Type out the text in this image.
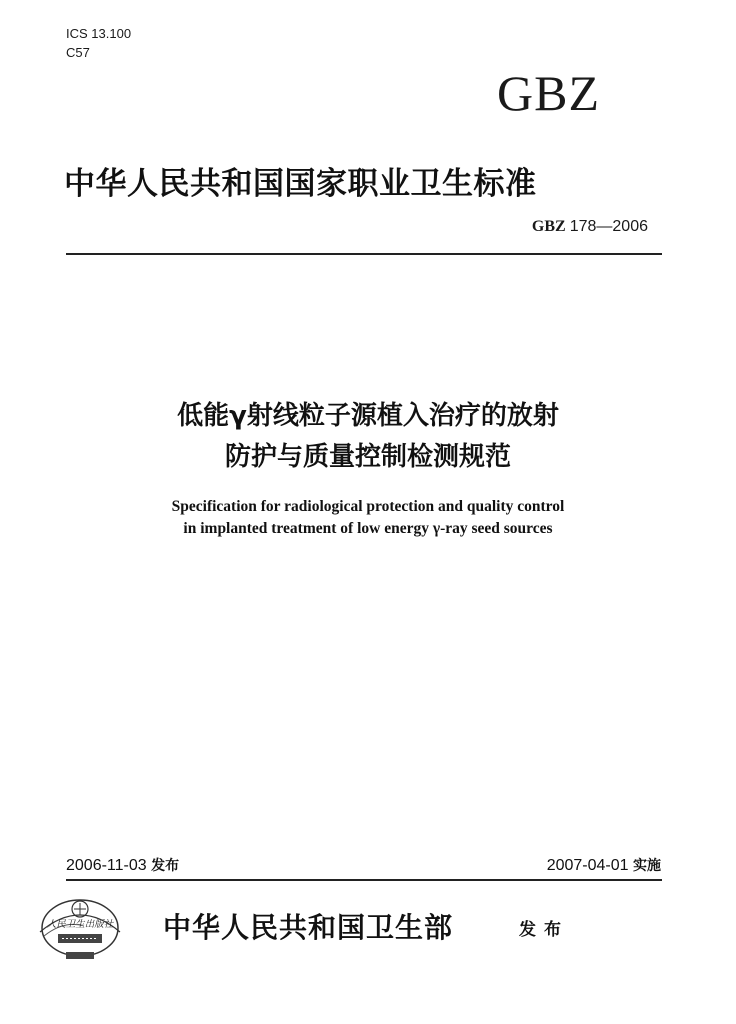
ICS 13.100
C57
GBZ
中华人民共和国国家职业卫生标准
GBZ 178—2006
低能γ射线粒子源植入治疗的放射
防护与质量控制检测规范
Specification for radiological protection and quality control
in implanted treatment of low energy γ-ray seed sources
2006-11-03 发布	2007-04-01 实施
人民卫生出版社 中华人民共和国卫生部	发布
